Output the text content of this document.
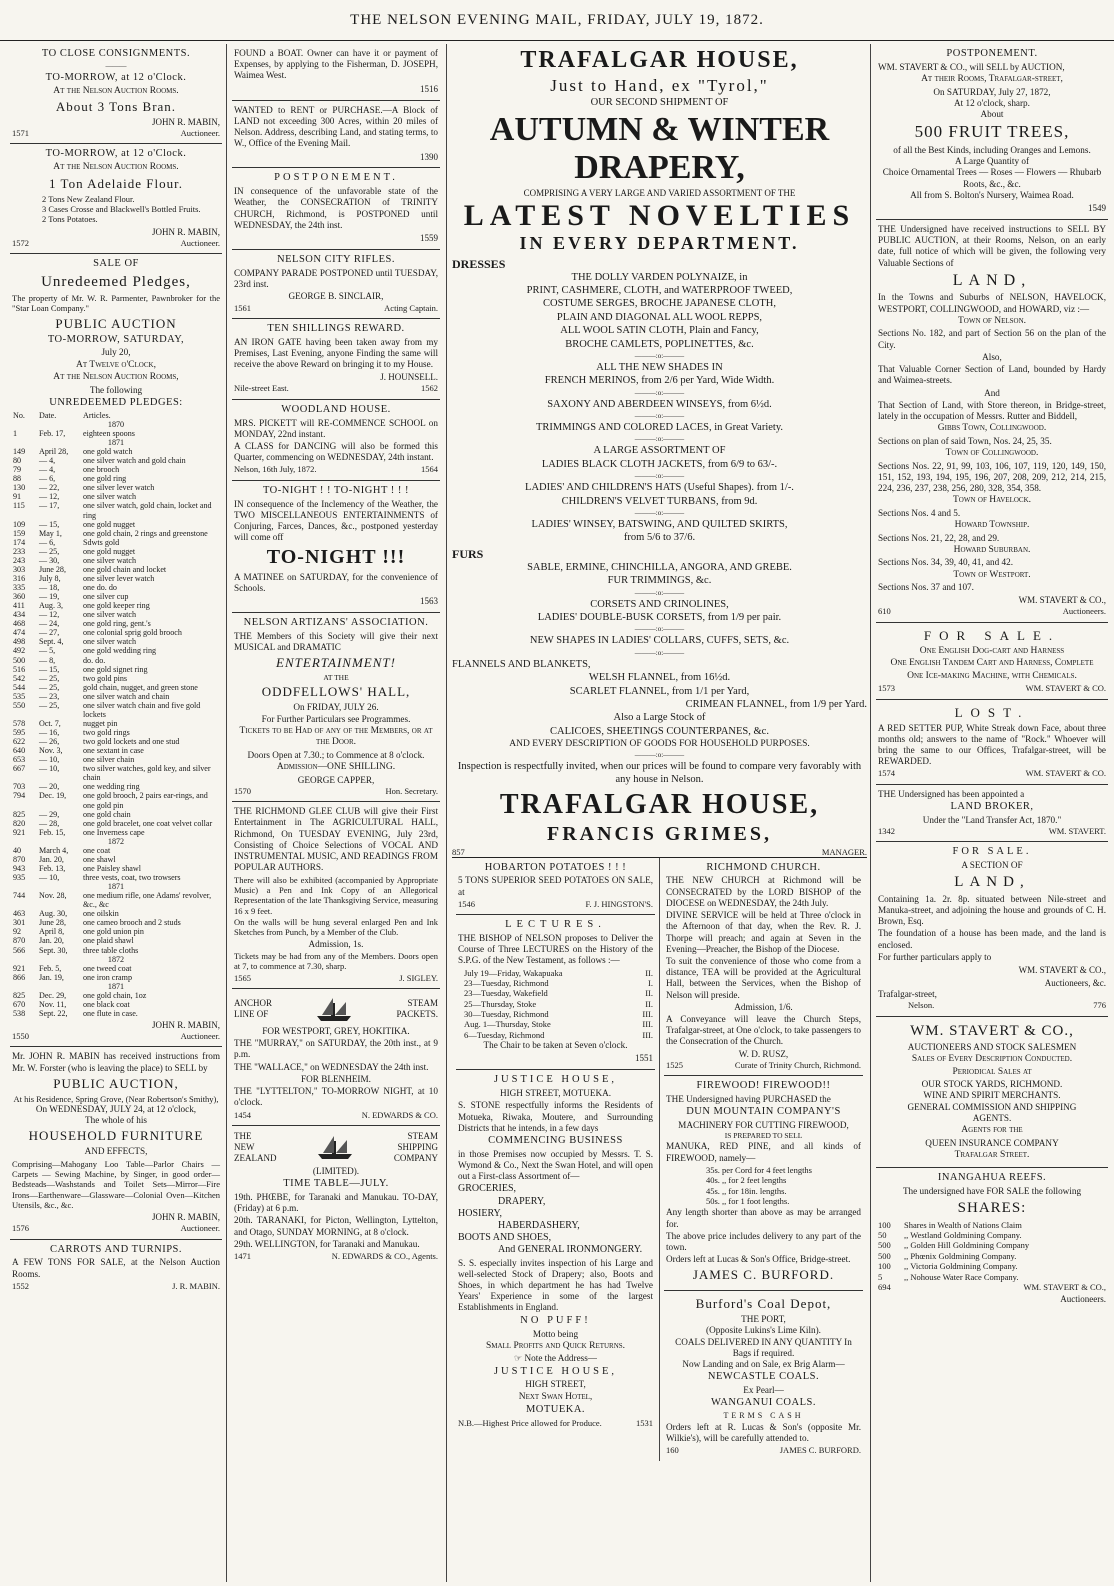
THE NELSON EVENING MAIL, FRIDAY, JULY 19, 1872.
TO CLOSE CONSIGNMENTS.
———
TO-MORROW, at 12 o'Clock.
At the Nelson Auction Rooms.
About 3 Tons Bran.
JOHN R. MABIN,
1571	Auctioneer.
TO-MORROW, at 12 o'Clock.
At the Nelson Auction Rooms.
1 Ton Adelaide Flour.
2 Tons New Zealand Flour.
3 Cases Crosse and Blackwell's Bottled Fruits.
2 Tons Potatoes.
JOHN R. MABIN,
1572	Auctioneer.
SALE OF
Unredeemed Pledges,
The property of Mr. W. R. Parmenter, Pawnbroker for the "Star Loan Company."
PUBLIC AUCTION
TO-MORROW, SATURDAY,
July 20,
At Twelve o'Clock,
At the Nelson Auction Rooms,
The following
UNREDEEMED PLEDGES:
No.	Date.	Articles.
1870		
1	Feb. 17,	eighteen spoons
1871		
149	April 28,	one gold watch
80	— 4,	one silver watch and gold chain
79	— 4,	one brooch
88	— 6,	one gold ring
130	— 22,	one silver lever watch
91	— 12,	one silver watch
115	— 17,	one silver watch, gold chain, locket and ring
109	— 15,	one gold nugget
159	May 1,	one gold chain, 2 rings and greenstone
174	— 6,	Sdwts gold
233	— 25,	one gold nugget
243	— 30,	one silver watch
303	June 28,	one gold chain and locket
316	July 8,	one silver lever watch
335	— 18,	one do. do
360	— 19,	one silver cup
411	Aug. 3,	one gold keeper ring
434	— 12,	one silver watch
468	— 24,	one gold ring, gent.'s
474	— 27,	one colonial sprig gold brooch
498	Sept. 4,	one silver watch
492	— 5,	one gold wedding ring
500	— 8,	do. do.
516	— 15,	one gold signet ring
542	— 25,	two gold pins
544	— 25,	gold chain, nugget, and green stone
535	— 23,	one silver watch and chain
550	— 25,	one silver watch chain and five gold lockets
578	Oct. 7,	nugget pin
595	— 16,	two gold rings
622	— 26,	two gold lockets and one stud
640	Nov. 3,	one sextant in case
653	— 10,	one silver chain
667	— 10,	two silver watches, gold key, and silver chain
703	— 20,	one wedding ring
794	Dec. 19,	one gold brooch, 2 pairs ear-rings, and one gold pin
825	— 29,	one gold chain
820	— 28,	one gold bracelet, one coat velvet collar
921	Feb. 15,	one Inverness cape
1872		
40	March 4,	one coat
870	Jan. 20,	one shawl
943	Feb. 13,	one Paisley shawl
935	— 10,	three vests, coat, two trowsers
1871		
744	Nov. 28,	one medium rifle, one Adams' revolver, &c., &c
463	Aug. 30,	one oilskin
301	June 28,	one cameo brooch and 2 studs
92	April 8,	one gold union pin
870	Jan. 20,	one plaid shawl
566	Sept. 30,	three table cloths
1872		
921	Feb. 5,	one tweed coat
866	Jan. 19,	one iron cramp
1871		
825	Dec. 29,	one gold chain, 1oz
670	Nov. 11,	one black coat
538	Sept. 22,	one flute in case.
JOHN R. MABIN,
1550	Auctioneer.
Mr. JOHN R. MABIN has received instructions from Mr. W. Forster (who is leaving the place) to SELL by
PUBLIC AUCTION,
At his Residence, Spring Grove, (Near Robertson's Smithy),
On WEDNESDAY, JULY 24, at 12 o'clock,
The whole of his
HOUSEHOLD FURNITURE
AND EFFECTS,
Comprising—Mahogany Loo Table—Parlor Chairs — Carpets — Sewing Machine, by Singer, in good order—Bedsteads—Washstands and Toilet Sets—Mirror—Fire Irons—Earthenware—Glassware—Colonial Oven—Kitchen Utensils, &c., &c.
JOHN R. MABIN,
1576	Auctioneer.
CARROTS AND TURNIPS.
A FEW TONS FOR SALE, at the Nelson Auction Rooms.
1552	J. R. MABIN.
FOUND a BOAT. Owner can have it or payment of Expenses, by applying to the Fisherman, D. JOSEPH, Waimea West.
1516
WANTED to RENT or PURCHASE.—A Block of LAND not exceeding 300 Acres, within 20 miles of Nelson. Address, describing Land, and stating terms, to W., Office of the Evening Mail.
1390
POSTPONEMENT.
IN consequence of the unfavorable state of the Weather, the CONSECRATION of TRINITY CHURCH, Richmond, is POSTPONED until WEDNESDAY, the 24th inst.
1559
NELSON CITY RIFLES.
COMPANY PARADE POSTPONED until TUESDAY, 23rd inst.
GEORGE B. SINCLAIR,
1561	Acting Captain.
TEN SHILLINGS REWARD.
AN IRON GATE having been taken away from my Premises, Last Evening, anyone Finding the same will receive the above Reward on bringing it to my House.
J. HOUNSELL.
Nile-street East.	1562
WOODLAND HOUSE.
MRS. PICKETT will RE-COMMENCE SCHOOL on MONDAY, 22nd instant.
A CLASS for DANCING will also be formed this Quarter, commencing on WEDNESDAY, 24th instant.
Nelson, 16th July, 1872.	1564
TO-NIGHT ! ! TO-NIGHT ! ! !
IN consequence of the Inclemency of the Weather, the TWO MISCELLANEOUS ENTERTAINMENTS of Conjuring, Farces, Dances, &c., postponed yesterday will come off
TO-NIGHT !!!
A MATINEE on SATURDAY, for the convenience of Schools.
1563
NELSON ARTIZANS' ASSOCIATION.
THE Members of this Society will give their next MUSICAL and DRAMATIC
ENTERTAINMENT!
AT THE
ODDFELLOWS' HALL,
On FRIDAY, JULY 26.
For Further Particulars see Programmes.
Tickets to be Had of any of the Members, or at the Door.
Doors Open at 7.30.; to Commence at 8 o'clock.
Admission—ONE SHILLING.
GEORGE CAPPER,
1570	Hon. Secretary.
THE RICHMOND GLEE CLUB will give their First Entertainment in The AGRICULTURAL HALL, Richmond, On TUESDAY EVENING, July 23rd, Consisting of Choice Selections of VOCAL AND INSTRUMENTAL MUSIC, AND READINGS FROM POPULAR AUTHORS.
There will also be exhibited (accompanied by Appropriate Music) a Pen and Ink Copy of an Allegorical Representation of the late Thanksgiving Service, measuring 16 x 9 feet.
On the walls will be hung several enlarged Pen and Ink Sketches from Punch, by a Member of the Club.
Admission, 1s.
Tickets may be had from any of the Members. Doors open at 7, to commence at 7.30, sharp.
1565	J. SIGLEY.
ANCHOR
LINE OF
STEAM
PACKETS.
FOR WESTPORT, GREY, HOKITIKA.
THE "MURRAY," on SATURDAY, the 20th inst., at 9 p.m.
THE "WALLACE," on WEDNESDAY the 24th inst.
FOR BLENHEIM.
THE "LYTTELTON," TO-MORROW NIGHT, at 10 o'clock.
1454	N. EDWARDS & CO.
THE
NEW
ZEALAND
STEAM
SHIPPING
COMPANY
(LIMITED).
TIME TABLE—JULY.
19th. PHŒBE, for Taranaki and Manukau. TO-DAY, (Friday) at 6 p.m.
20th. TARANAKI, for Picton, Wellington, Lyttelton, and Otago, SUNDAY MORNING, at 8 o'clock.
29th. WELLINGTON, for Taranaki and Manukau.
1471	N. EDWARDS & CO., Agents.
TRAFALGAR HOUSE,
Just to Hand, ex "Tyrol,"
OUR SECOND SHIPMENT OF
AUTUMN & WINTER DRAPERY,
COMPRISING A VERY LARGE AND VARIED ASSORTMENT OF THE
LATEST NOVELTIES
IN EVERY DEPARTMENT.
DRESSES
THE DOLLY VARDEN POLYNAIZE, in
PRINT, CASHMERE, CLOTH, and WATERPROOF TWEED,
COSTUME SERGES, BROCHE JAPANESE CLOTH,
PLAIN AND DIAGONAL ALL WOOL REPPS,
ALL WOOL SATIN CLOTH, Plain and Fancy,
BROCHE CAMLETS, POPLINETTES, &c.
———:o:———
ALL THE NEW SHADES IN
FRENCH MERINOS, from 2/6 per Yard, Wide Width.
———:o:———
SAXONY AND ABERDEEN WINSEYS, from 6½d.
———:o:———
TRIMMINGS AND COLORED LACES, in Great Variety.
———:o:———
A LARGE ASSORTMENT OF
LADIES BLACK CLOTH JACKETS, from 6/9 to 63/-.
———:o:———
LADIES' AND CHILDREN'S HATS (Useful Shapes). from 1/-.
CHILDREN'S VELVET TURBANS, from 9d.
———:o:———
LADIES' WINSEY, BATSWING, AND QUILTED SKIRTS,
from 5/6 to 37/6.
FURS
SABLE, ERMINE, CHINCHILLA, ANGORA, AND GREBE.
FUR TRIMMINGS, &c.
———:o:———
CORSETS AND CRINOLINES,
LADIES' DOUBLE-BUSK CORSETS, from 1/9 per pair.
———:o:———
NEW SHAPES IN LADIES' COLLARS, CUFFS, SETS, &c.
———:o:———
FLANNELS AND BLANKETS,
WELSH FLANNEL, from 16½d.
SCARLET FLANNEL, from 1/1 per Yard,
CRIMEAN FLANNEL, from 1/9 per Yard.
Also a Large Stock of
CALICOES, SHEETINGS COUNTERPANES, &c.
AND EVERY DESCRIPTION OF GOODS FOR HOUSEHOLD PURPOSES.
———:o:———
Inspection is respectfully invited, when our prices will be found to compare very favorably with any house in Nelson.
TRAFALGAR HOUSE,
FRANCIS GRIMES,
857	MANAGER.
HOBARTON POTATOES ! ! !
5 TONS SUPERIOR SEED POTATOES ON SALE, at
1546	F. J. HINGSTON'S.
LECTURES.
THE BISHOP of NELSON proposes to Deliver the Course of Three LECTURES on the History of the S.P.G. of the New Testament, as follows :—
July 19—Friday, Wakapuaka	II.
23—Tuesday, Richmond	I.
23—Tuesday, Wakefield	II.
25—Thursday, Stoke	II.
30—Tuesday, Richmond	III.
Aug. 1—Thursday, Stoke	III.
6—Tuesday, Richmond	III.
The Chair to be taken at Seven o'clock.
1551
JUSTICE HOUSE,
HIGH STREET, MOTUEKA.
S. STONE respectfully informs the Residents of Motueka, Riwaka, Moutere, and Surrounding Districts that he intends, in a few days
COMMENCING BUSINESS
in those Premises now occupied by Messrs. T. S. Wymond & Co., Next the Swan Hotel, and will open out a First-class Assortment of—
GROCERIES,
DRAPERY,
HOSIERY,
HABERDASHERY,
BOOTS AND SHOES,
And GENERAL IRONMONGERY.
S. S. especially invites inspection of his Large and well-selected Stock of Drapery; also, Boots and Shoes, in which department he has had Twelve Years' Experience in some of the largest Establishments in England.
NO PUFF!
Motto being
Small Profits and Quick Returns.
☞ Note the Address—
JUSTICE HOUSE,
HIGH STREET,
Next Swan Hotel,
MOTUEKA.
N.B.—Highest Price allowed for Produce.	1531
RICHMOND CHURCH.
THE NEW CHURCH at Richmond will be CONSECRATED by the LORD BISHOP of the DIOCESE on WEDNESDAY, the 24th July.
DIVINE SERVICE will be held at Three o'clock in the Afternoon of that day, when the Rev. R. J. Thorpe will preach; and again at Seven in the Evening—Preacher, the Bishop of the Diocese.
To suit the convenience of those who come from a distance, TEA will be provided at the Agricultural Hall, between the Services, when the Bishop of Nelson will preside.
Admission, 1/6.
A Conveyance will leave the Church Steps, Trafalgar-street, at One o'clock, to take passengers to the Consecration of the Church.
W. D. RUSZ,
1525	Curate of Trinity Church, Richmond.
FIREWOOD! FIREWOOD!!
THE Undersigned having PURCHASED the
DUN MOUNTAIN COMPANY'S
MACHINERY FOR CUTTING FIREWOOD,
IS PREPARED TO SELL
MANUKA, RED PINE, and all kinds of FIREWOOD, namely—
35s. per Cord for 4 feet lengths
40s. ,, for 2 feet lengths
45s. ,, for 18in. lengths.
50s. ,, for 1 foot lengths.
Any length shorter than above as may be arranged for.
The above price includes delivery to any part of the town.
Orders left at Lucas & Son's Office, Bridge-street.
JAMES C. BURFORD.
Burford's Coal Depot,
THE PORT,
(Opposite Lukins's Lime Kiln).
COALS DELIVERED IN ANY QUANTITY In Bags if required.
Now Landing and on Sale, ex Brig Alarm—
NEWCASTLE COALS.
Ex Pearl—
WANGANUI COALS.
TERMS CASH
Orders left at R. Lucas & Son's (opposite Mr. Wilkie's), will be carefully attended to.
160	JAMES C. BURFORD.
POSTPONEMENT.
WM. STAVERT & CO., will SELL by AUCTION,
At their Rooms, Trafalgar-street,
On SATURDAY, July 27, 1872,
At 12 o'clock, sharp.
About
500 FRUIT TREES,
of all the Best Kinds, including Oranges and Lemons.
A Large Quantity of
Choice Ornamental Trees — Roses — Flowers — Rhubarb Roots, &c., &c.
All from S. Bolton's Nursery, Waimea Road.
1549
THE Undersigned have received instructions to SELL BY PUBLIC AUCTION, at their Rooms, Nelson, on an early date, full notice of which will be given, the following very Valuable Sections of
LAND,
In the Towns and Suburbs of NELSON, HAVELOCK, WESTPORT, COLLINGWOOD, and HOWARD, viz :—
Town of Nelson.
Sections No. 182, and part of Section 56 on the plan of the City.
Also,
That Valuable Corner Section of Land, bounded by Hardy and Waimea-streets.
And
That Section of Land, with Store thereon, in Bridge-street, lately in the occupation of Messrs. Rutter and Biddell,
Gibbs Town, Collingwood.
Sections on plan of said Town, Nos. 24, 25, 35.
Town of Collingwood.
Sections Nos. 22, 91, 99, 103, 106, 107, 119, 120, 149, 150, 151, 152, 193, 194, 195, 196, 207, 208, 209, 212, 214, 215, 224, 236, 237, 238, 256, 280, 328, 354, 358.
Town of Havelock.
Sections Nos. 4 and 5.
Howard Township.
Sections Nos. 21, 22, 28, and 29.
Howard Suburban.
Sections Nos. 34, 39, 40, 41, and 42.
Town of Westport.
Sections Nos. 37 and 107.
WM. STAVERT & CO.,
610	Auctioneers.
FOR SALE.
One English Dog-cart and Harness
One English Tandem Cart and Harness, Complete
One Ice-making Machine, with Chemicals.
1573	WM. STAVERT & CO.
LOST.
A RED SETTER PUP, White Streak down Face, about three months old; answers to the name of "Rock." Whoever will bring the same to our Offices, Trafalgar-street, will be REWARDED.
1574	WM. STAVERT & CO.
THE Undersigned has been appointed a
LAND BROKER,
Under the "Land Transfer Act, 1870."
1342	WM. STAVERT.
FOR SALE.
A SECTION OF
LAND,
Containing 1a. 2r. 8p. situated between Nile-street and Manuka-street, and adjoining the house and grounds of C. H. Brown, Esq.
The foundation of a house has been made, and the land is enclosed.
For further particulars apply to
WM. STAVERT & CO.,
Auctioneers, &c.
Trafalgar-street,
Nelson.	776
WM. STAVERT & CO.,
AUCTIONEERS AND STOCK SALESMEN
Sales of Every Description Conducted.
Periodical Sales at
OUR STOCK YARDS, RICHMOND.
WINE AND SPIRIT MERCHANTS.
GENERAL COMMISSION AND SHIPPING
AGENTS.
Agents for the
QUEEN INSURANCE COMPANY
Trafalgar Street.
INANGAHUA REEFS.
The undersigned have FOR SALE the following
SHARES:
100	Shares in Wealth of Nations Claim
50	,, Westland Goldmining Company.
500	,, Golden Hill Goldmining Company
500	,, Phœnix Goldmining Company.
100	,, Victoria Goldmining Company.
5	,, Nohouse Water Race Company.
694	WM. STAVERT & CO.,
Auctioneers.
